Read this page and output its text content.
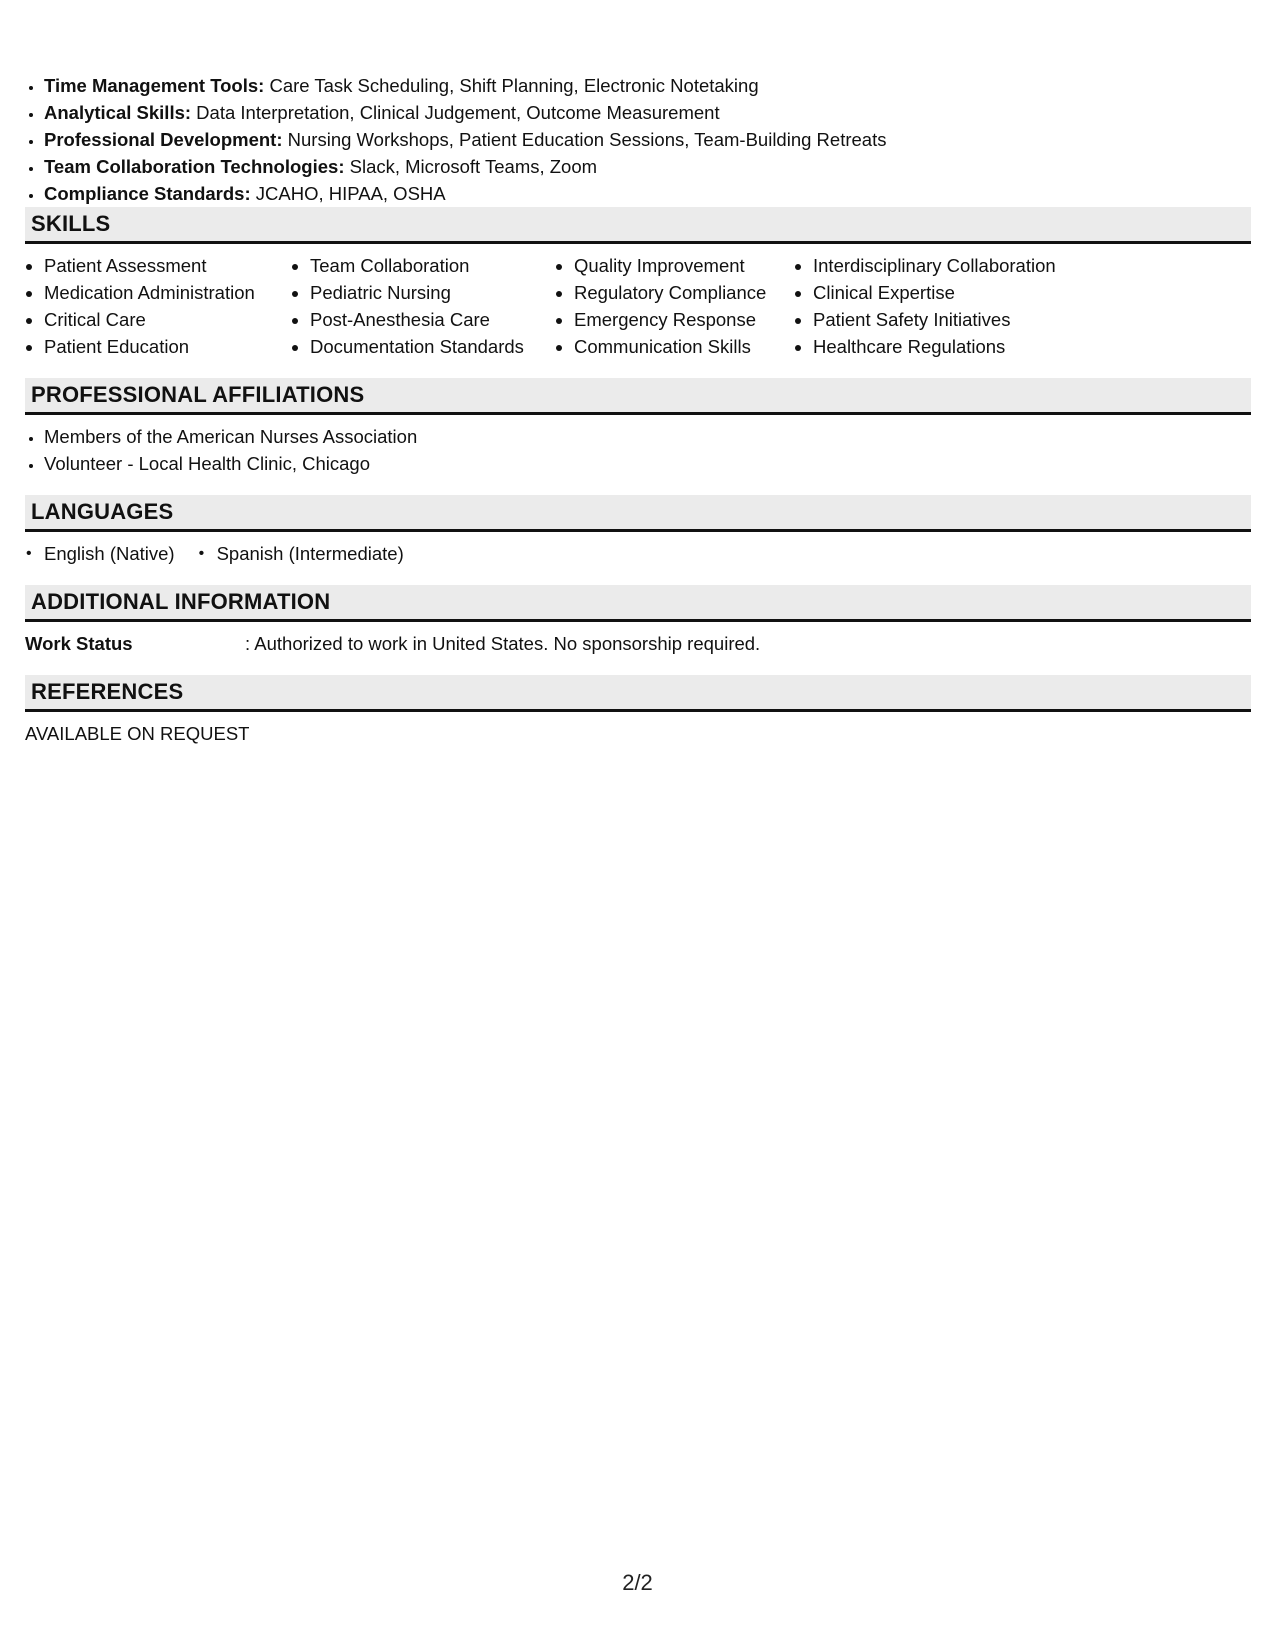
• Time Management Tools: Care Task Scheduling, Shift Planning, Electronic Notetaking
• Analytical Skills: Data Interpretation, Clinical Judgement, Outcome Measurement
• Professional Development: Nursing Workshops, Patient Education Sessions, Team-Building Retreats
• Team Collaboration Technologies: Slack, Microsoft Teams, Zoom
• Compliance Standards: JCAHO, HIPAA, OSHA
SKILLS
• Patient Assessment
• Medication Administration
• Critical Care
• Patient Education
• Team Collaboration
• Pediatric Nursing
• Post-Anesthesia Care
• Documentation Standards
• Quality Improvement
• Regulatory Compliance
• Emergency Response
• Communication Skills
• Interdisciplinary Collaboration
• Clinical Expertise
• Patient Safety Initiatives
• Healthcare Regulations
PROFESSIONAL AFFILIATIONS
• Members of the American Nurses Association
• Volunteer - Local Health Clinic, Chicago
LANGUAGES
• English (Native) • Spanish (Intermediate)
ADDITIONAL INFORMATION
Work Status	: Authorized to work in United States. No sponsorship required.
REFERENCES
AVAILABLE ON REQUEST
2/2
